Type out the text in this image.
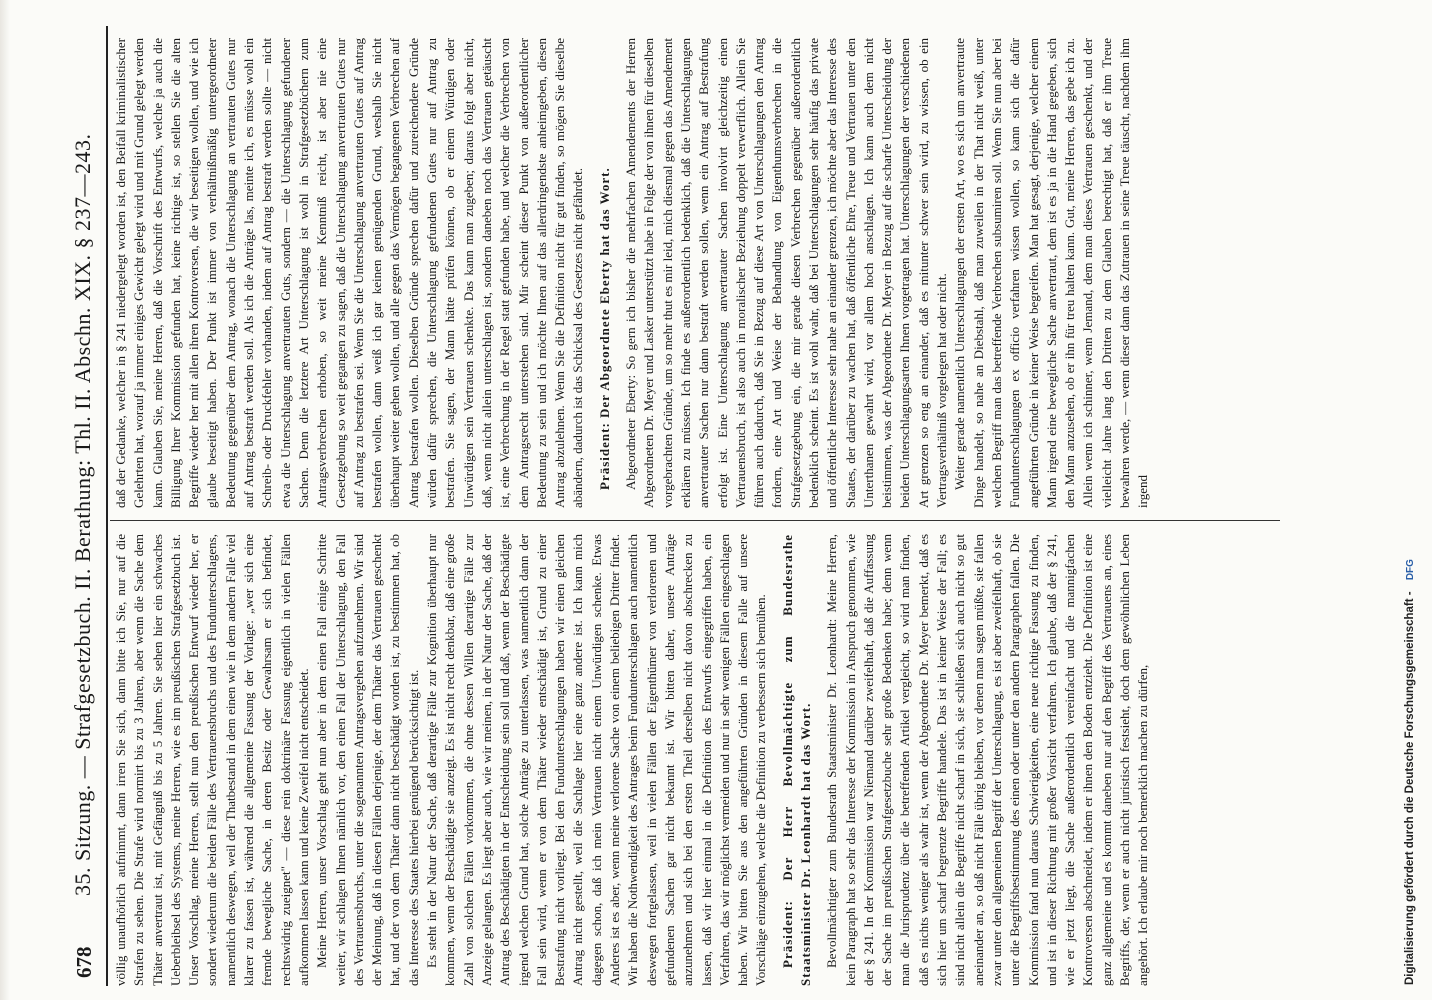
678
35. Sitzung. — Strafgesetzbuch. II. Berathung: Thl. II. Abschn. XIX. § 237—243. völlig unaufhörlich aufnimmt, dann irren Sie sich, dann bitte ich Sie, nur auf die Strafen zu sehen. Die Strafe wird normirt bis zu 3 Jahren, aber wenn die Sache dem Thäter anvertraut ist, mit Gefängniß bis zu 5 Jahren. Sie sehen hier ein schwaches Ueberbleibsel des Systems, meine Herren, wie es im preußischen Strafgesetzbuch ist. Unser Vorschlag, meine Herren, stellt nun den preußischen Entwurf wieder her, er sondert wiederum die beiden Fälle des Vertrauensbruchs und des Fundunterschlagens, namentlich deswegen, weil der Thatbestand in dem einen wie in dem andern Falle viel klarer zu fassen ist, während die allgemeine Fassung der Vorlage: „wer sich eine fremde bewegliche Sache, in deren Besitz oder Gewahrsam er sich befindet, rechtswidrig zueignet" — diese rein doktrinäre Fassung eigentlich in vielen Fällen aufkommen lassen kann und keine Zweifel nicht entscheidet. Meine Herren, unser Vorschlag geht nun aber in dem einen Fall einige Schritte weiter, wir schlagen Ihnen nämlich vor, den einen Fall der Unterschlagung, den Fall des Vertrauensbruchs, unter die sogenannten Antragsvergehen aufzunehmen. Wir sind der Meinung, daß in diesen Fällen derjenige, der dem Thäter das Vertrauen geschenkt hat, und der von dem Thäter dann nicht beschädigt worden ist, zu bestimmen hat, ob das Interesse des Staates hierbei genügend berücksichtigt ist. Es steht in der Natur der Sache, daß derartige Fälle zur Kognition überhaupt nur kommen, wenn der Beschädigte sie anzeigt. Es ist nicht recht denkbar, daß eine große Zahl von solchen Fällen vorkommen, die ohne dessen Willen derartige Fälle zur Anzeige gelangen. Es liegt aber auch, wie wir meinen, in der Natur der Sache, daß der Antrag des Beschädigten in der Entscheidung sein soll und daß, wenn der Beschädigte irgend welchen Grund hat, solche Anträge zu unterlassen, was namentlich dann der Fall sein wird, wenn er von dem Thäter wieder entschädigt ist, Grund zu einer Bestrafung nicht vorliegt. Bei den Fundunterschlagungen haben wir einen gleichen Antrag nicht gestellt, weil die Sachlage hier eine ganz andere ist. Ich kann mich dagegen schon, daß ich mein Vertrauen nicht einem Unwürdigen schenke. Etwas Anderes ist es aber, wenn meine verlorene Sache von einem beliebigen Dritter findet. Wir haben die Nothwendigkeit des Antrages beim Fundunterschlagen auch namentlich deswegen fortgelassen, weil in vielen Fällen der Eigenthümer von verlorenen und gefundenen Sachen gar nicht bekannt ist. Wir bitten daher, unsere Anträge anzunehmen und sich bei den ersten Theil derselben nicht davon abschrecken zu lassen, daß wir hier einmal in die Definition des Entwurfs eingegriffen haben, ein Verfahren, das wir möglichst vermeiden und nur in sehr wenigen Fällen eingeschlagen haben. Wir bitten Sie aus den angeführten Gründen in diesem Falle auf unsere Vorschläge einzugehen, welche die Definition zu verbessern sich bemühen. Präsident: Der Herr Bevollmächtigte zum Bundesrathe Staatsminister Dr. Leonhardt hat das Wort. Bevollmächtigter zum Bundesrath Staatsminister Dr. Leonhardt: Meine Herren, kein Paragraph hat so sehr das Interesse der Kommission in Anspruch genommen, wie der § 241. In der Kommission war Niemand darüber zweifelhaft, daß die Auffassung der Sache im preußischen Strafgesetzbuche sehr große Bedenken habe; denn wenn man die Jurisprudenz über die betreffenden Artikel vergleicht, so wird man finden, daß es nichts weniger als wahr ist, wenn der Abgeordnete Dr. Meyer bemerkt, daß es sich hier um scharf begrenzte Begriffe handele. Das ist in keiner Weise der Fall; es sind nicht allein die Begriffe nicht scharf in sich, sie schließen sich auch nicht so gut aneinander an, so daß nicht Fälle übrig bleiben, vor denen man sagen müßte, sie fallen zwar unter den allgemeinen Begriff der Unterschlagung, es ist aber zweifelhaft, ob sie unter die Begriffsbestimmung des einen oder unter den andern Paragraphen fallen. Die Kommission fand nun daraus Schwierigkeiten, eine neue richtige Fassung zu finden, und ist in dieser Richtung mit großer Vorsicht verfahren. Ich glaube, daß der § 241, wie er jetzt liegt, die Sache außerordentlich vereinfacht und die mannigfachen Kontroversen abschneidet, indem er ihnen den Boden entzieht. Die Definition ist eine ganz allgemeine und es kommt daneben nur auf den Begriff des Vertrauens an, eines Begriffs, der, wenn er auch nicht juristisch festsieht, doch dem gewöhnlichen Leben angehört. Ich erlaube mir noch bemerklich machen zu dürfen,

daß der Gedanke, welcher in § 241 niedergelegt worden ist, den Beifall kriminalistischer Gelehrten hat, worauf ja immer einiges Gewicht gelegt wird und mit Grund gelegt werden kann. Glauben Sie, meine Herren, daß die Vorschrift des Entwurfs, welche ja auch die Billigung Ihrer Kommission gefunden hat, keine richtige ist, so stellen Sie die alten Begriffe wieder her mit allen ihren Kontroversen, die wir beseitigen wollen, und wie ich glaube beseitigt haben. Der Punkt ist immer von verhältnißmäßig untergeordneter Bedeutung gegenüber dem Antrag, wonach die Unterschlagung an vertrauten Gutes nur auf Antrag bestraft werden soll. Als ich die Anträge las, meinte ich, es müsse wohl ein Schreib- oder Druckfehler vorhanden, indem auf Antrag bestraft werden sollte — nicht etwa die Unterschlagung anvertrauten Guts, sondern — die Unterschlagung gefundener Sachen. Denn die letztere Art Unterschlagung ist wohl in Strafgesetzbüchern zum Antragsverbrechen erhoben, so weit meine Kenntniß reicht, ist aber nie eine Gesetzgebung so weit gegangen zu sagen, daß die Unterschlagung anvertrauten Gutes nur auf Antrag zu bestrafen sei. Wenn Sie die Unterschlagung anvertrauten Gutes auf Antrag bestrafen wollen, dann weiß ich gar keinen genügenden Grund, weshalb Sie nicht überhaupt weiter gehen wollen, und alle gegen das Vermögen begangenen Verbrechen auf Antrag bestrafen wollen. Dieselben Gründe sprechen dafür und zureichendere Gründe würden dafür sprechen, die Unterschlagung gefundenen Gutes nur auf Antrag zu bestrafen. Sie sagen, der Mann hätte prüfen können, ob er einem Würdigen oder Unwürdigen sein Vertrauen schenkte. Das kann man zugeben; daraus folgt aber nicht, daß, wenn nicht allein unterschlagen ist, sondern daneben noch das Vertrauen getäuscht ist, eine Verbrechung in der Regel statt gefunden habe, und welcher die Verbrechen von dem Antragsrecht unterstehen sind. Mir scheint dieser Punkt von außerordentlicher Bedeutung zu sein und ich möchte Ihnen auf das allerdringendste anheimgeben, diesen Antrag abzulehnen. Wenn Sie die Definition nicht für gut finden, so mögen Sie dieselbe abändern, dadurch ist das Schicksal des Gesetzes nicht gefährdet. Präsident: Der Abgeordnete Eberty hat das Wort. Abgeordneter Eberty: So gern ich bisher die mehrfachen Amendements der Herren Abgeordneten Dr. Meyer und Lasker unterstützt habe in Folge der von ihnen für dieselben vorgebrachten Gründe, um so mehr thut es mir leid, mich diesmal gegen das Amendement erklären zu müssen. Ich finde es außerordentlich bedenklich, daß die Unterschlagungen anvertrauter Sachen nur dann bestraft werden sollen, wenn ein Antrag auf Bestrafung erfolgt ist. Eine Unterschlagung anvertrauter Sachen involvirt gleichzeitig einen Vertrauensbruch, ist also auch in moralischer Beziehung doppelt verwerflich. Allein Sie führen auch dadurch, daß Sie in Bezug auf diese Art von Unterschlagungen den Antrag fordern, eine Art und Weise der Behandlung von Eigenthumsverbrechen in die Strafgesetzgebung ein, die mir gerade diesen Verbrechen gegenüber außerordentlich bedenklich scheint. Es ist wohl wahr, daß bei Unterschlagungen sehr häufig das private und öffentliche Interesse sehr nahe an einander grenzen, ich möchte aber das Interesse des Staates, der darüber zu wachen hat, daß öffentliche Ehre, Treue und Vertrauen unter den Unterthanen gewahrt wird, vor allem hoch anschlagen. Ich kann auch dem nicht beistimmen, was der Abgeordnete Dr. Meyer in Bezug auf die scharfe Unterscheidung der beiden Unterschlagungsarten Ihnen vorgetragen hat. Unterschlagungen der verschiedenen Art grenzen so eng an einander, daß es mitunter schwer sein wird, zu wissen, ob ein Vertragsverhältniß vorgelegen hat oder nicht. Weiter gerade namentlich Unterschlagungen der ersten Art, wo es sich um anvertraute Dinge handelt, so nahe an Diebstahl, daß man zuweilen in der That nicht weiß, unter welchen Begriff man das betreffende Verbrechen subsumiren soll. Wenn Sie nun aber bei Fundunterschlagungen ex officio verfahren wissen wollen, so kann sich die dafür angeführten Gründe in keiner Weise begreifen. Man hat gesagt, derjenige, welcher einem Mann irgend eine bewegliche Sache anvertraut, dem ist es ja in die Hand gegeben, sich den Mann anzusehen, ob er ihn für treu halten kann. Gut, meine Herren, das gebe ich zu. Allein wenn ich schinner, wenn Jemand, dem man dieses Vertrauen geschenkt, und der vielleicht Jahre lang den Dritten zu dem Glauben berechtigt hat, daß er ihm Treue bewahren werde, — wenn dieser dann das Zutrauen in seine Treue täuscht, nachdem ihm irgend

Digitalisierung gefördert durch die Deutsche Forschungsgemeinschaft - DFG
